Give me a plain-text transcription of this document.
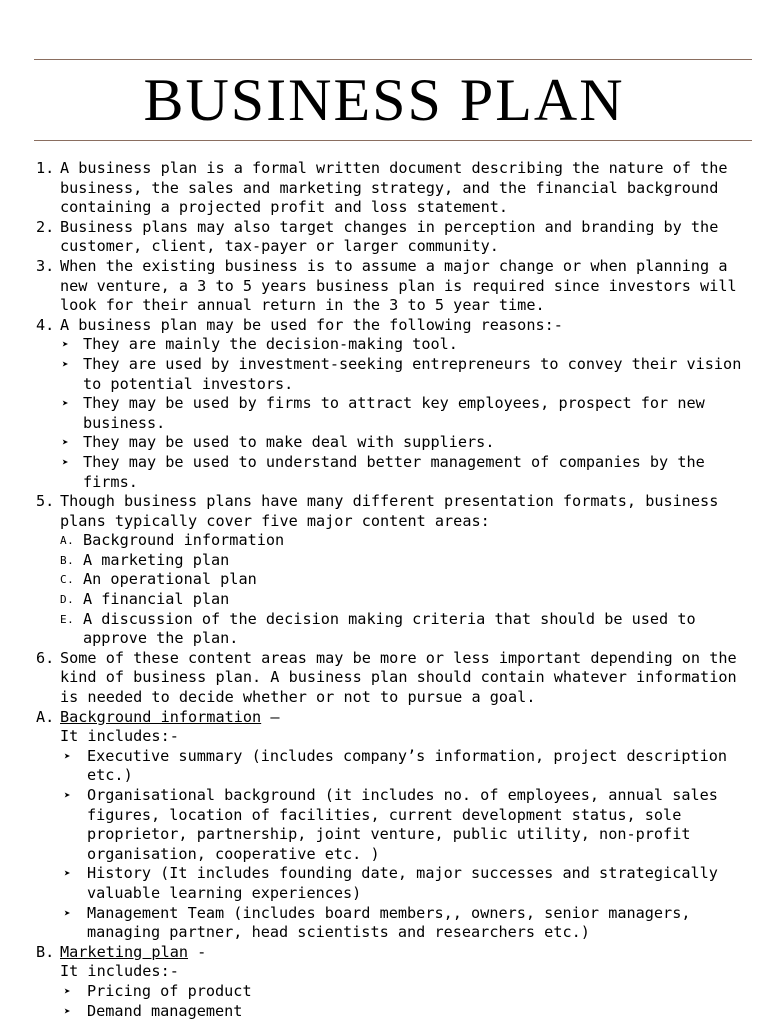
BUSINESS PLAN
1. A business plan is a formal written document describing the nature of the
business, the sales and marketing strategy, and the financial background
containing a projected profit and loss statement.
2. Business plans may also target changes in perception and branding by the
customer, client, tax-payer or larger community.
3. When the existing business is to assume a major change or when planning a
new venture, a 3 to 5 years business plan is required since investors will
look for their annual return in the 3 to 5 year time.
4. A business plan may be used for the following reasons:-
➤ They are mainly the decision-making tool.
➤ They are used by investment-seeking entrepreneurs to convey their vision
to potential investors.
➤ They may be used by firms to attract key employees, prospect for new
business.
➤ They may be used to make deal with suppliers.
➤ They may be used to understand better management of companies by the
firms.
5. Though business plans have many different presentation formats, business
plans typically cover five major content areas:
A. Background information
B. A marketing plan
C. An operational plan
D. A financial plan
E. A discussion of the decision making criteria that should be used to
approve the plan.
6. Some of these content areas may be more or less important depending on the
kind of business plan. A business plan should contain whatever information
is needed to decide whether or not to pursue a goal.
A. Background information –
It includes:-
➤ Executive summary (includes company’s information, project description
etc.)
➤ Organisational background (it includes no. of employees, annual sales
figures, location of facilities, current development status, sole
proprietor, partnership, joint venture, public utility, non-profit
organisation, cooperative etc. )
➤ History (It includes founding date, major successes and strategically
valuable learning experiences)
➤ Management Team (includes board members,, owners, senior managers,
managing partner, head scientists and researchers etc.)
B. Marketing plan -
It includes:-
➤ Pricing of product
➤ Demand management
